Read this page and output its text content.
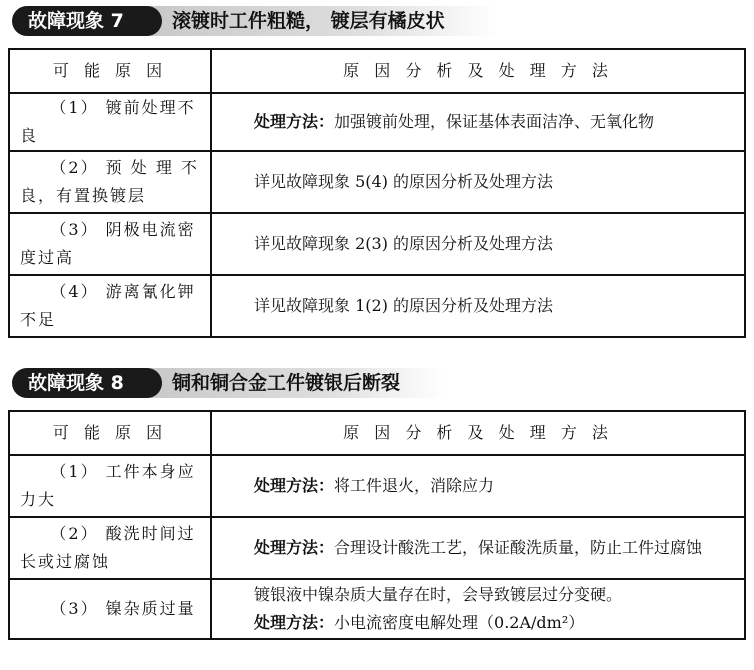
故障现象 7	滚镀时工件粗糙， 镀层有橘皮状
可 能 原 因	原 因 分 析 及 处 理 方 法

（1） 镀前处理不良	处理方法：加强镀前处理，保证基体表面洁净、无氧化物

（2） 预 处 理 不良，有置换镀层	详见故障现象 5(4) 的原因分析及处理方法

（3） 阴极电流密度过高	详见故障现象 2(3) 的原因分析及处理方法

（4） 游离氰化钾不足	详见故障现象 1(2) 的原因分析及处理方法
故障现象 8	铜和铜合金工件镀银后断裂
可 能 原 因	原 因 分 析 及 处 理 方 法

（1） 工件本身应力大	处理方法：将工件退火，消除应力

（2） 酸洗时间过长或过腐蚀	处理方法：合理设计酸洗工艺，保证酸洗质量，防止工件过腐蚀

（3） 镍杂质过量	镀银液中镍杂质大量存在时，会导致镀层过分变硬。
处理方法：小电流密度电解处理（0.2A/dm²）
